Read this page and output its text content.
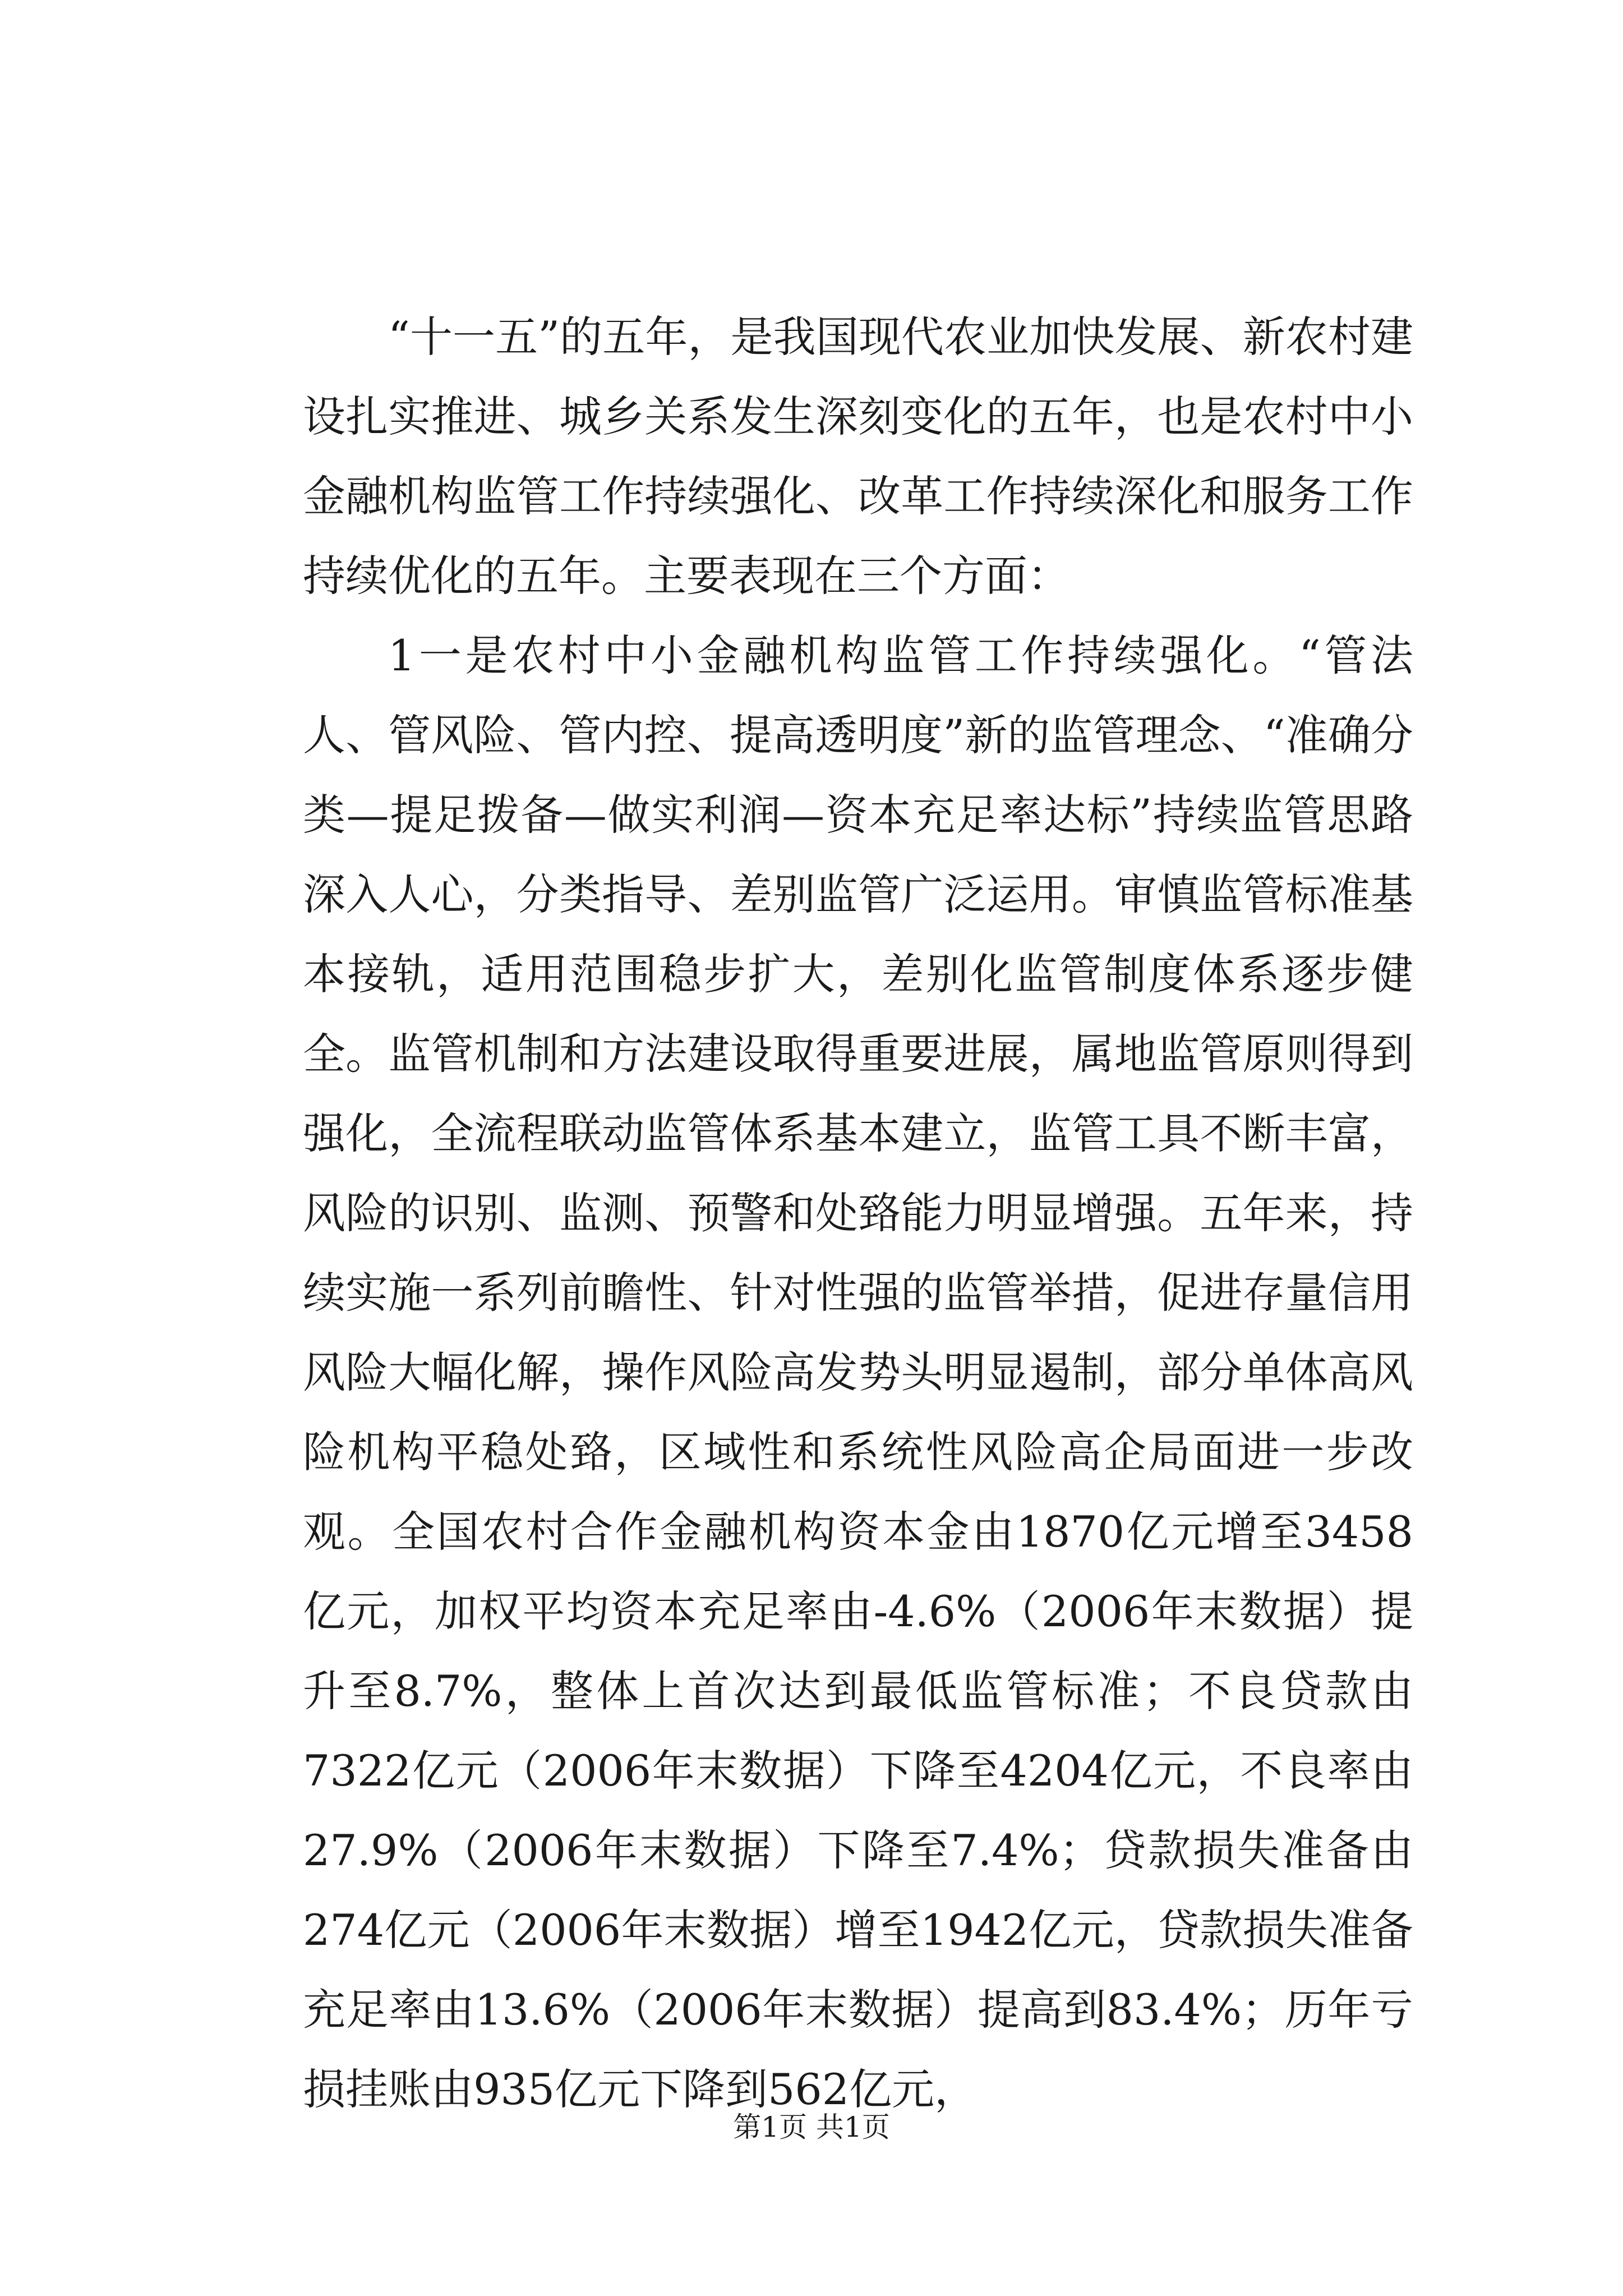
“十一五”的五年，是我国现代农业加快发展、新农村建设扎实推进、城乡关系发生深刻变化的五年，也是农村中小金融机构监管工作持续强化、改革工作持续深化和服务工作持续优化的五年。主要表现在三个方面：

1一是农村中小金融机构监管工作持续强化。“管法人、管风险、管内控、提高透明度”新的监管理念、“准确分类—提足拨备—做实利润—资本充足率达标”持续监管思路深入人心，分类指导、差别监管广泛运用。审慎监管标准基本接轨，适用范围稳步扩大，差别化监管制度体系逐步健全。监管机制和方法建设取得重要进展，属地监管原则得到强化，全流程联动监管体系基本建立，监管工具不断丰富，风险的识别、监测、预警和处臵能力明显增强。五年来，持续实施一系列前瞻性、针对性强的监管举措，促进存量信用风险大幅化解，操作风险高发势头明显遏制，部分单体高风险机构平稳处臵，区域性和系统性风险高企局面进一步改观。全国农村合作金融机构资本金由1870亿元增至3458亿元，加权平均资本充足率由-4.6%（2006年末数据）提升至8.7%，整体上首次达到最低监管标准；不良贷款由7322亿元（2006年末数据）下降至4204亿元，不良率由27.9%（2006年末数据）下降至7.4%；贷款损失准备由274亿元（2006年末数据）增至1942亿元，贷款损失准备充足率由13.6%（2006年末数据）提高到83.4%；历年亏损挂账由935亿元下降到562亿元，

第1页 共1页
